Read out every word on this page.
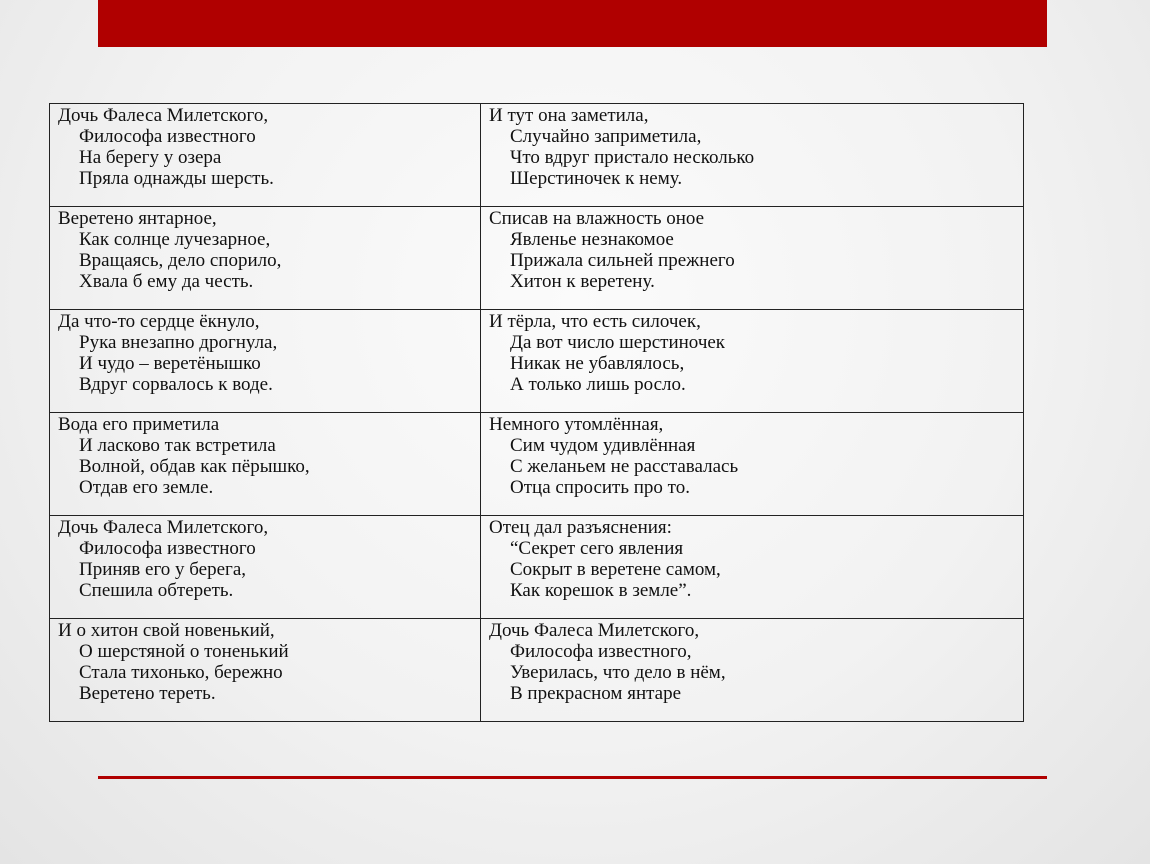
Дочь Фалеса Милетского,
Философа известного
На берегу у озера
Пряла однажды шерсть.	И тут она заметила,
Случайно заприметила,
Что вдруг пристало несколько
Шерстиночек к нему.

Веретено янтарное,
Как солнце лучезарное,
Вращаясь, дело спорило,
Хвала б ему да честь.	Списав на влажность оное
Явленье незнакомое
Прижала сильней прежнего
Хитон к веретену.

Да что-то сердце ёкнуло,
Рука внезапно дрогнула,
И чудо – веретёнышко
Вдруг сорвалось к воде.	И тёрла, что есть силочек,
Да вот число шерстиночек
Никак не убавлялось,
А только лишь росло.

Вода его приметила
И ласково так встретила
Волной, обдав как пёрышко,
Отдав его земле.	Немного утомлённая,
Сим чудом удивлённая
С желаньем не расставалась
Отца спросить про то.

Дочь Фалеса Милетского,
Философа известного
Приняв его у берега,
Спешила обтереть.	Отец дал разъяснения:
“Секрет сего явления
Сокрыт в веретене самом,
Как корешок в земле”.

И о хитон свой новенький,
О шерстяной о тоненький
Стала тихонько, бережно
Веретено тереть.	Дочь Фалеса Милетского,
Философа известного,
Уверилась, что дело в нём,
В прекрасном янтаре
